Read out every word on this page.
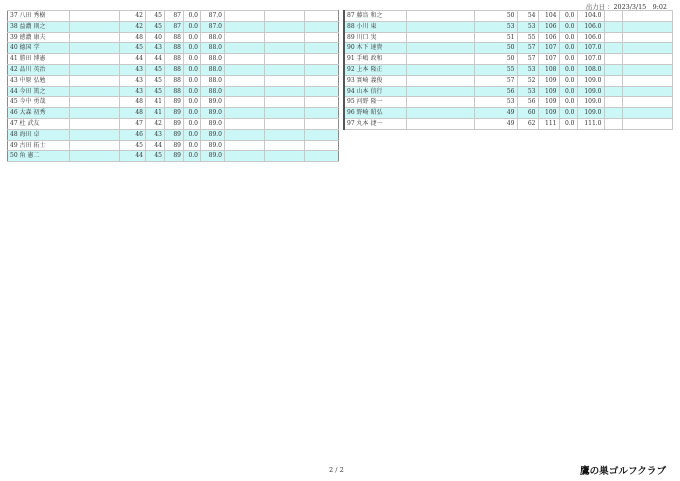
出力日 ：2023/3/15　9:02
37 八田 秀樹		42	45	87	0.0	87.0			
38 益濃 則之		42	45	87	0.0	87.0			
39 徳濃 康夫		48	40	88	0.0	88.0			
40 德国 学		45	43	88	0.0	88.0			
41 勝田 博憲		44	44	88	0.0	88.0			
42 品川 英治		43	45	88	0.0	88.0			
43 中原 弘勉		43	45	88	0.0	88.0			
44 今田 篤之		43	45	88	0.0	88.0			
45 今中 勇哉		48	41	89	0.0	89.0			
46 大森 初秀		48	41	89	0.0	89.0			
47 杜 武友		47	42	89	0.0	89.0			
48 海田 卓		46	43	89	0.0	89.0			
49 古田 拓士		45	44	89	0.0	89.0			
50 角 憲二		44	45	89	0.0	89.0			
87 藤鳥 和之		50	54	104	0.0	104.0		
88 小川 東		53	53	106	0.0	106.0		
89 川口 実		51	55	106	0.0	106.0		
90 木下 達貴		50	57	107	0.0	107.0		
91 手嶋 政和		50	57	107	0.0	107.0		
92 上本 隆正		55	53	108	0.0	108.0		
93 實崎 義俊		57	52	109	0.0	109.0		
94 山本 信行		56	53	109	0.0	109.0		
95 河野 隆一		53	56	109	0.0	109.0		
96 野崎 昭弘		49	60	109	0.0	109.0		
97 丸本 捷一		49	62	111	0.0	111.0		
2 / 2	鷹の巣ゴルフクラブ
